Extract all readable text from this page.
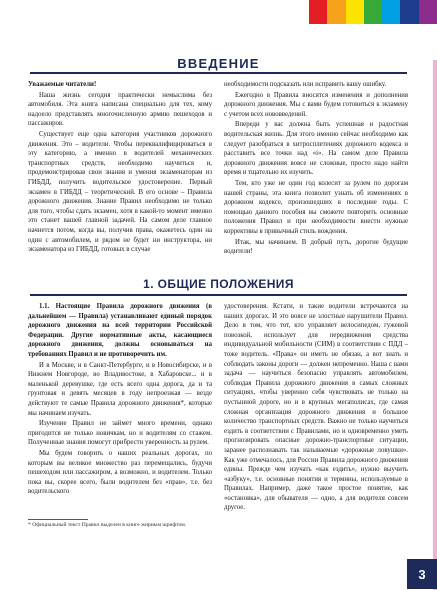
ВВЕДЕНИЕ

Уважаемые читатели!

Наша жизнь сегодня практически немыслима без автомобиля. Эта книга написана специально для тех, кому надоело представлять многочисленную армию пешеходов и пассажиров.

Существует еще одна категория участников дорожного движения. Это – водители. Чтобы переквалифицироваться в эту категорию, а именно в водителей механических транспортных средств, необходимо научиться и, продемонстрировав свои знания и умения экзаменаторам из ГИБДД, получить водительское удостоверение. Первый экзамен в ГИБДД – теоретический. В его основе – Правила дорожного движения. Знание Правил необходимо не только для того, чтобы сдать экзамен, хотя в какой-то момент именно это станет вашей главной задачей. На самом деле главное начнется потом, когда вы, получив права, окажетесь один на один с автомобилем, и рядом не будет ни инструктора, ни экзаменатора из ГИБДД, готовых в случае

необходимости подсказать или исправить вашу ошибку.

Ежегодно в Правила вносятся изменения и дополнения дорожного движения. Мы с вами будем готовиться к экзамену с учетом всех нововведений.

Впереди у вас должна быть успешная и радостная водительская жизнь. Для этого именно сейчас необходимо как следует разобраться в хитросплетениях дорожного кодекса и расставить все точки над «i». На самом деле Правила дорожного движения вовсе не сложные, просто надо найти время и тщательно их изучить.

Тем, кто уже не один год колесит за рулем по дорогам нашей страны, эта книга позволит узнать об изменениях в дорожном кодексе, произошедших в последние годы. С помощью данного пособия вы сможете повторить основные положения Правил и при необходимости внести нужные коррективы в привычный стиль вождения.

Итак, мы начинаем. В добрый путь, дорогие будущие водители!

1. ОБЩИЕ ПОЛОЖЕНИЯ

1.1. Настоящие Правила дорожного движения (в дальнейшем — Правила) устанавливают единый порядок дорожного движения на всей территории Российской Федерации. Другие нормативные акты, касающиеся дорожного движения, должны основываться на требованиях Правил и не противоречить им.

И в Москве, и в Санкт-Петербурге, и в Новосибирске, и в Нижнем Новгороде, во Владивостоке, в Хабаровске... и в маленькой деревушке, где есть всего одна дорога, да и та грунтовая и девять месяцев в году непроезжая — везде действуют те самые Правила дорожного движения*, которые мы начинаем изучать.

Изучение Правил не займет много времени, однако пригодится не только новичкам, но и водителям со стажем. Полученные знания помогут прибрести уверенность за рулем.

Мы будем говорить о наших реальных дорогах, по которым вы великое множество раз перемещались, будучи пешеходом или пассажиром, а возможно, и водителем. Только пока вы, скорее всего, были водителем без «прав», т.е. без водительского

удостоверения. Кстати, и такие водители встречаются на наших дорогах. И это вовсе не злостные нарушители Правил. Дело в том, что тот, кто управляет велосипедом, гужевой повозкой, использует для передвижения средства индивидуальной мобильности (СИМ) в соответствии с ПДД – тоже водитель. «Права» он иметь не обязан, а вот знать и соблюдать законы дороги — должен непременно. Наша с вами задача — научиться безопасно управлять автомобилем, соблюдая Правила дорожного движения в самых сложных ситуациях, чтобы уверенно себя чувствовать не только на пустынной дороге, но и в крупных мегаполисах, где самая сложная организация дорожного движения и большое количество транспортных средств. Важно не только научиться ездить в соответствии с Правилами, но и одновременно уметь прогнозировать опасные дорожно-транспортные ситуации, заранее распознавать так называемые «дорожные ловушки». Как уже отмечалось, для России Правила дорожного движения едины. Прежде чем изучать «как ездить», нужно выучить «азбуку», т.е. основные понятия и термины, используемые в Правилах. Например, даже такое простое понятие, как «остановка», для обывателя — одно, а для водителя совсем другое.

* Официальный текст Правил выделен в книге жирным шрифтом.
3
